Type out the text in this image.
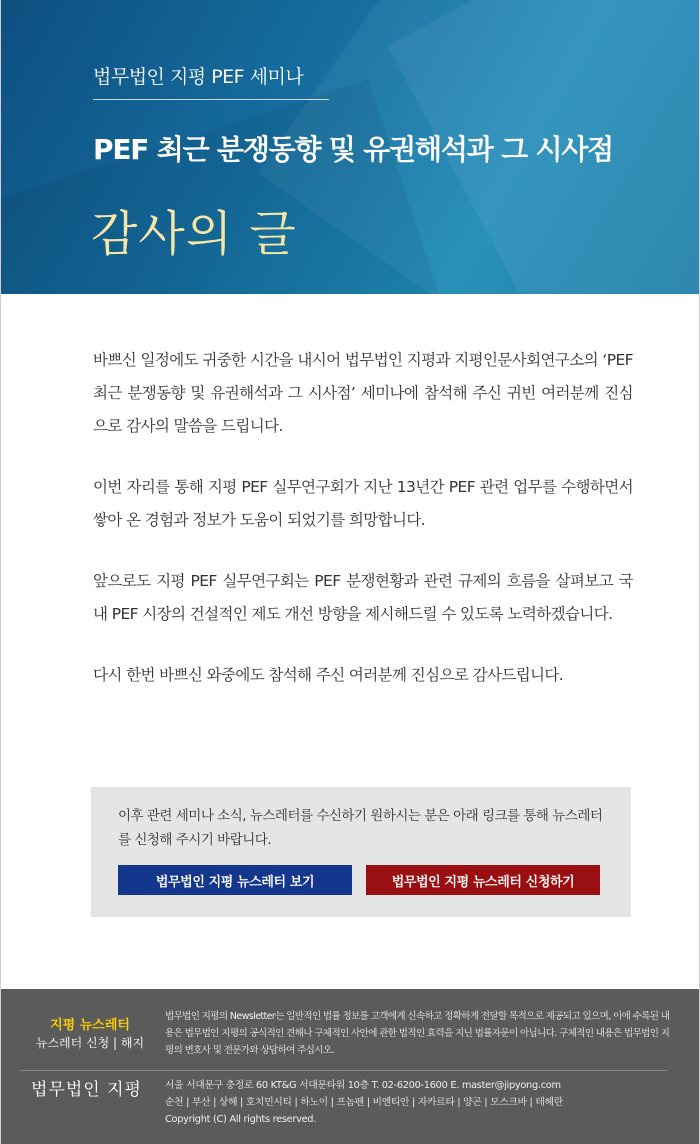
법무법인 지평 PEF 세미나
PEF 최근 분쟁동향 및 유권해석과 그 시사점
감사의 글

바쁘신 일정에도 귀중한 시간을 내시어 법무법인 지평과 지평인문사회연구소의 ‘PEF 최근 분쟁동향 및 유권해석과 그 시사점’ 세미나에 참석해 주신 귀빈 여러분께 진심으로 감사의 말씀을 드립니다.

이번 자리를 통해 지평 PEF 실무연구회가 지난 13년간 PEF 관련 업무를 수행하면서 쌓아 온 경험과 정보가 도움이 되었기를 희망합니다.

앞으로도 지평 PEF 실무연구회는 PEF 분쟁현황과 관련 규제의 흐름을 살펴보고 국내 PEF 시장의 건설적인 제도 개선 방향을 제시해드릴 수 있도록 노력하겠습니다.

다시 한번 바쁘신 와중에도 참석해 주신 여러분께 진심으로 감사드립니다.

이후 관련 세미나 소식, 뉴스레터를 수신하기 원하시는 분은 아래 링크를 통해 뉴스레터를 신청해 주시기 바랍니다.
법무법인 지평 뉴스레터 보기	법무법인 지평 뉴스레터 신청하기
지평 뉴스레터
뉴스레터 신청 | 해지
법무법인 지평의 Newsletter는 일반적인 법률 정보를 고객에게 신속하고 정확하게 전달할 목적으로 제공되고 있으며, 이에 수록된 내용은 법무법인 지평의 공식적인 견해나 구체적인 사안에 관한 법적인 효력을 지닌 법률자문이 아닙니다. 구체적인 내용은 법무법인 지평의 변호사 및 전문가와 상담하여 주십시오.
법무법인 지평 서울 서대문구 충정로 60 KT&G 서대문타워 10층 T. 02-6200-1600 E. master@jipyong.com
순천 | 부산 | 상해 | 호치민시티 | 하노이 | 프놈펜 | 비엔티안 | 자카르타 | 양곤 | 모스크바 | 테헤란
Copyright (C) All rights reserved.
